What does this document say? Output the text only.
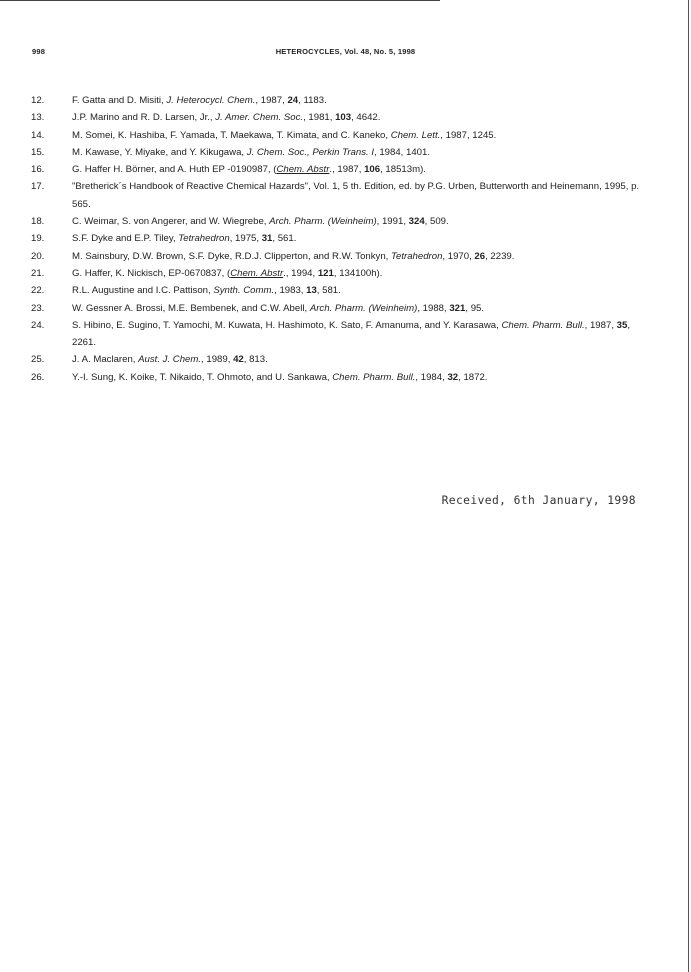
998	HETEROCYCLES, Vol. 48, No. 5, 1998
12.	F. Gatta and D. Misiti, J. Heterocycl. Chem., 1987, 24, 1183.
13.	J.P. Marino and R. D. Larsen, Jr., J. Amer. Chem. Soc., 1981, 103, 4642.
14.	M. Somei, K. Hashiba, F. Yamada, T. Maekawa, T. Kimata, and C. Kaneko, Chem. Lett., 1987, 1245.
15.	M. Kawase, Y. Miyake, and Y. Kikugawa, J. Chem. Soc., Perkin Trans. I, 1984, 1401.
16.	G. Haffer H. Börner, and A. Huth EP -0190987, (Chem. Abstr., 1987, 106, 18513m).
17.	"Bretherick´s Handbook of Reactive Chemical Hazards", Vol. 1, 5 th. Edition, ed. by P.G. Urben, Butterworth and Heinemann, 1995, p. 565.
18.	C. Weimar, S. von Angerer, and W. Wiegrebe, Arch. Pharm. (Weinheim), 1991, 324, 509.
19.	S.F. Dyke and E.P. Tiley, Tetrahedron, 1975, 31, 561.
20.	M. Sainsbury, D.W. Brown, S.F. Dyke, R.D.J. Clipperton, and R.W. Tonkyn, Tetrahedron, 1970, 26, 2239.
21.	G. Haffer, K. Nickisch, EP-0670837, (Chem. Abstr., 1994, 121, 134100h).
22.	R.L. Augustine and I.C. Pattison, Synth. Comm., 1983, 13, 581.
23.	W. Gessner A. Brossi, M.E. Bembenek, and C.W. Abell, Arch. Pharm. (Weinheim), 1988, 321, 95.
24.	S. Hibino, E. Sugino, T. Yamochi, M. Kuwata, H. Hashimoto, K. Sato, F. Amanuma, and Y. Karasawa, Chem. Pharm. Bull., 1987, 35, 2261.
25.	J. A. Maclaren, Aust. J. Chem., 1989, 42, 813.
26.	Y.-I. Sung, K. Koike, T. Nikaido, T. Ohmoto, and U. Sankawa, Chem. Pharm. Bull., 1984, 32, 1872.
Received, 6th January, 1998
